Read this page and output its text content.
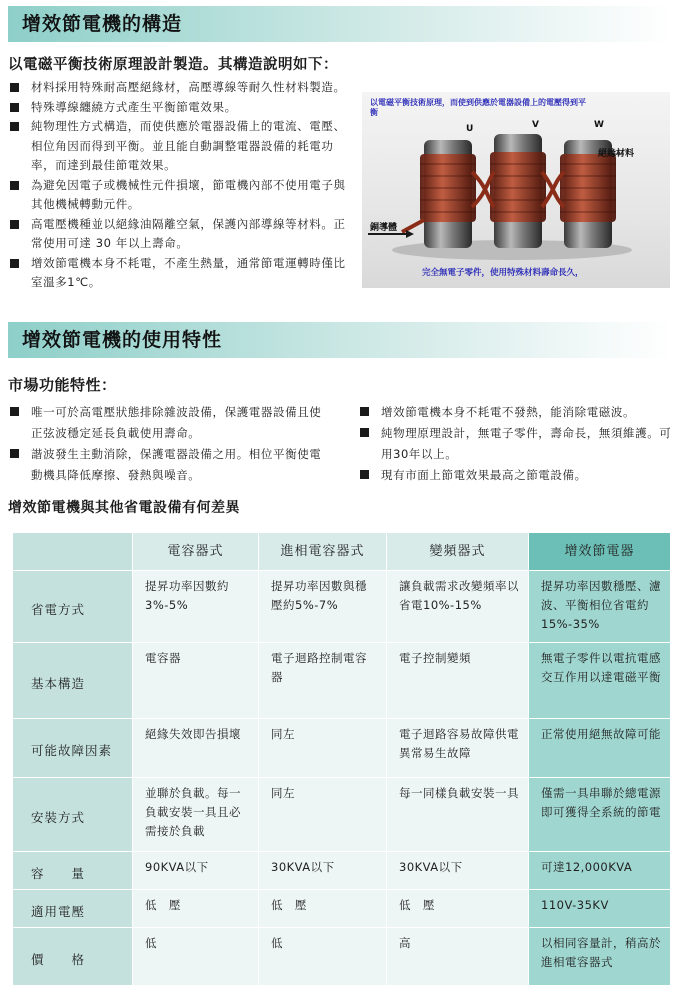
增效節電機的構造
以電磁平衡技術原理設計製造。其構造說明如下：
材料採用特殊耐高壓絕緣材，高壓導線等耐久性材料製造。
特殊導線纏繞方式產生平衡節電效果。
純物理性方式構造，而使供應於電器設備上的電流、電壓、相位角因而得到平衡。並且能自動調整電器設備的耗電功率，而達到最佳節電效果。
為避免因電子或機械性元件損壞，節電機內部不使用電子與其他機械轉動元件。
高電壓機種並以絕緣油隔離空氣，保護內部導線等材料。正常使用可達 30 年以上壽命。
增效節電機本身不耗電，不產生熱量，通常節電運轉時僅比室溫多1℃。
以電磁平衡技術原理，而使到供應於電器設備上的電壓得到平衡
U	V	W
絕緣材料
銅導體
完全無電子零件，使用特殊材料壽命長久，
增效節電機的使用特性
市場功能特性：
唯一可於高電壓狀態排除雜波設備，保護電器設備且使正弦波穩定延長負載使用壽命。
諧波發生主動消除，保護電器設備之用。相位平衡使電動機具降低摩擦、發熱與噪音。
增效節電機本身不耗電不發熱，能消除電磁波。
純物理原理設計，無電子零件，壽命長，無須維護。可用30年以上。
現有市面上節電效果最高之節電設備。
增效節電機與其他省電設備有何差異
	電容器式	進相電容器式	變頻器式	增效節電器
省電方式	提昇功率因數約3%-5%	提昇功率因數與穩壓約5%-7%	讓負載需求改變頻率以省電10%-15%	提昇功率因數穩壓、濾波、平衡相位省電約15%-35%
基本構造	電容器	電子迴路控制電容器	電子控制變頻	無電子零件以電抗電感交互作用以達電磁平衡
可能故障因素	絕緣失效即告損壞	同左	電子迴路容易故障供電異常易生故障	正常使用絕無故障可能
安裝方式	並聯於負載。每一負載安裝一具且必需接於負載	同左	每一同樣負載安裝一具	僅需一具串聯於總電源即可獲得全系統的節電
容　　量	90KVA以下	30KVA以下	30KVA以下	可達12,000KVA
適用電壓	低　壓	低　壓	低　壓	110V-35KV
價　　格	低	低	高	以相同容量計，稍高於進相電容器式
